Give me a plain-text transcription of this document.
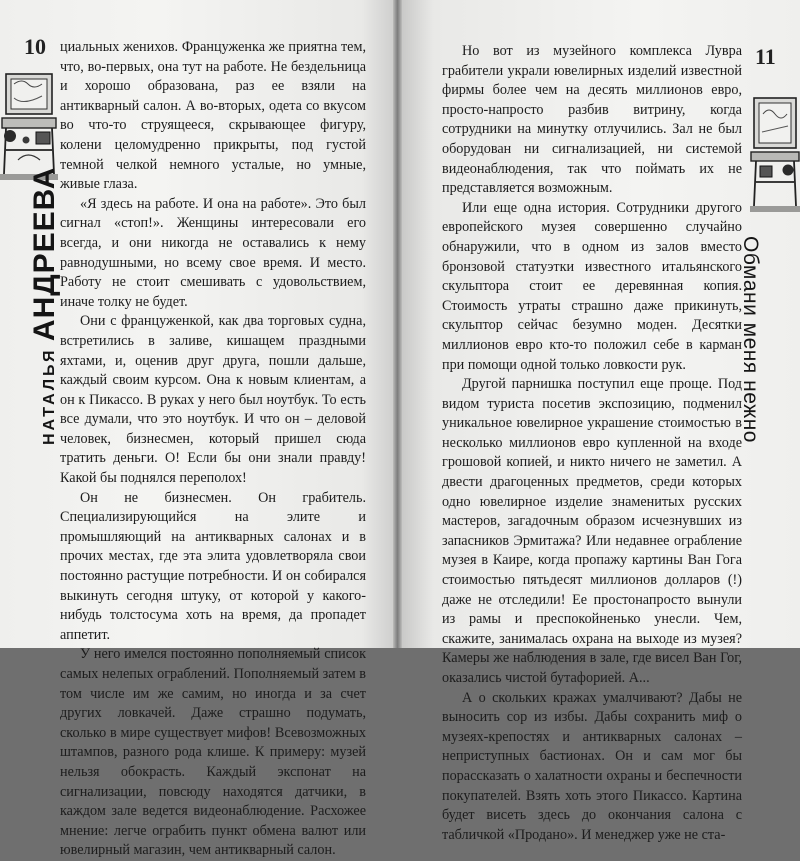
10
НАТАЛЬЯ АНДРЕЕВА

циальных женихов. Француженка же приятна тем, что, во-первых, она тут на работе. Не бездельница и хорошо образована, раз ее взяли на антикварный салон. А во-вторых, одета со вкусом во что-то струящееся, скрывающее фигуру, колени целомудренно прикрыты, под густой темной челкой немного усталые, но умные, живые глаза.

«Я здесь на работе. И она на работе». Это был сигнал «стоп!». Женщины интересовали его всегда, и они никогда не оставались к нему равнодушными, но всему свое время. И место. Работу не стоит смешивать с удовольствием, иначе толку не будет.

Они с француженкой, как два торговых судна, встретились в заливе, кишащем праздными яхтами, и, оценив друг друга, пошли дальше, каждый своим курсом. Она к новым клиентам, а он к Пикассо. В руках у него был ноутбук. То есть все думали, что это ноутбук. И что он – деловой человек, бизнесмен, который пришел сюда тратить деньги. О! Если бы они знали правду! Какой бы поднялся переполох!

Он не бизнесмен. Он грабитель. Специализирующийся на элите и промышляющий на антикварных салонах и в прочих местах, где эта элита удовлетворяла свои постоянно растущие потребности. И он собирался выкинуть сегодня штуку, от которой у какого-нибудь толстосума хоть на время, да пропадет аппетит.

У него имелся постоянно пополняемый список самых нелепых ограблений. Пополняемый затем в том числе им же самим, но иногда и за счет других ловкачей. Даже страшно подумать, сколько в мире существует мифов! Всевозможных штампов, разного рода клише. К примеру: музей нельзя обокрасть. Каждый экспонат на сигнализации, повсюду находятся датчики, в каждом зале ведется видеонаблюдение. Расхожее мнение: легче ограбить пункт обмена валют или ювелирный магазин, чем антикварный салон.

11
Обмани меня нежно

Но вот из музейного комплекса Лувра грабители украли ювелирных изделий известной фирмы более чем на десять миллионов евро, просто-напросто разбив витрину, когда сотрудники на минутку отлучились. Зал не был оборудован ни сигнализацией, ни системой видеонаблюдения, так что поймать их не представляется возможным.

Или еще одна история. Сотрудники другого европейского музея совершенно случайно обнаружили, что в одном из залов вместо бронзовой статуэтки известного итальянского скульптора стоит ее деревянная копия. Стоимость утраты страшно даже прикинуть, скульптор сейчас безумно моден. Десятки миллионов евро кто-то положил себе в карман при помощи одной только ловкости рук.

Другой парнишка поступил еще проще. Под видом туриста посетив экспозицию, подменил уникальное ювелирное украшение стоимостью в несколько миллионов евро купленной на входе грошовой копией, и никто ничего не заметил. А двести драгоценных предметов, среди которых одно ювелирное изделие знаменитых русских мастеров, загадочным образом исчезнувших из запасников Эрмитажа? Или недавнее ограбление музея в Каире, когда пропажу картины Ван Гога стоимостью пятьдесят миллионов долларов (!) даже не отследили! Ее простонапросто вынули из рамы и преспокойненько унесли. Чем, скажите, занималась охрана на выходе из музея? Камеры же наблюдения в зале, где висел Ван Гог, оказались чистой бутафорией. А...

А о скольких кражах умалчивают? Дабы не выносить сор из избы. Дабы сохранить миф о музеях-крепостях и антикварных салонах – неприступных бастионах. Он и сам мог бы порассказать о халатности охраны и беспечности покупателей. Взять хоть этого Пикассо. Картина будет висеть здесь до окончания салона с табличкой «Продано». И менеджер уже не ста-
